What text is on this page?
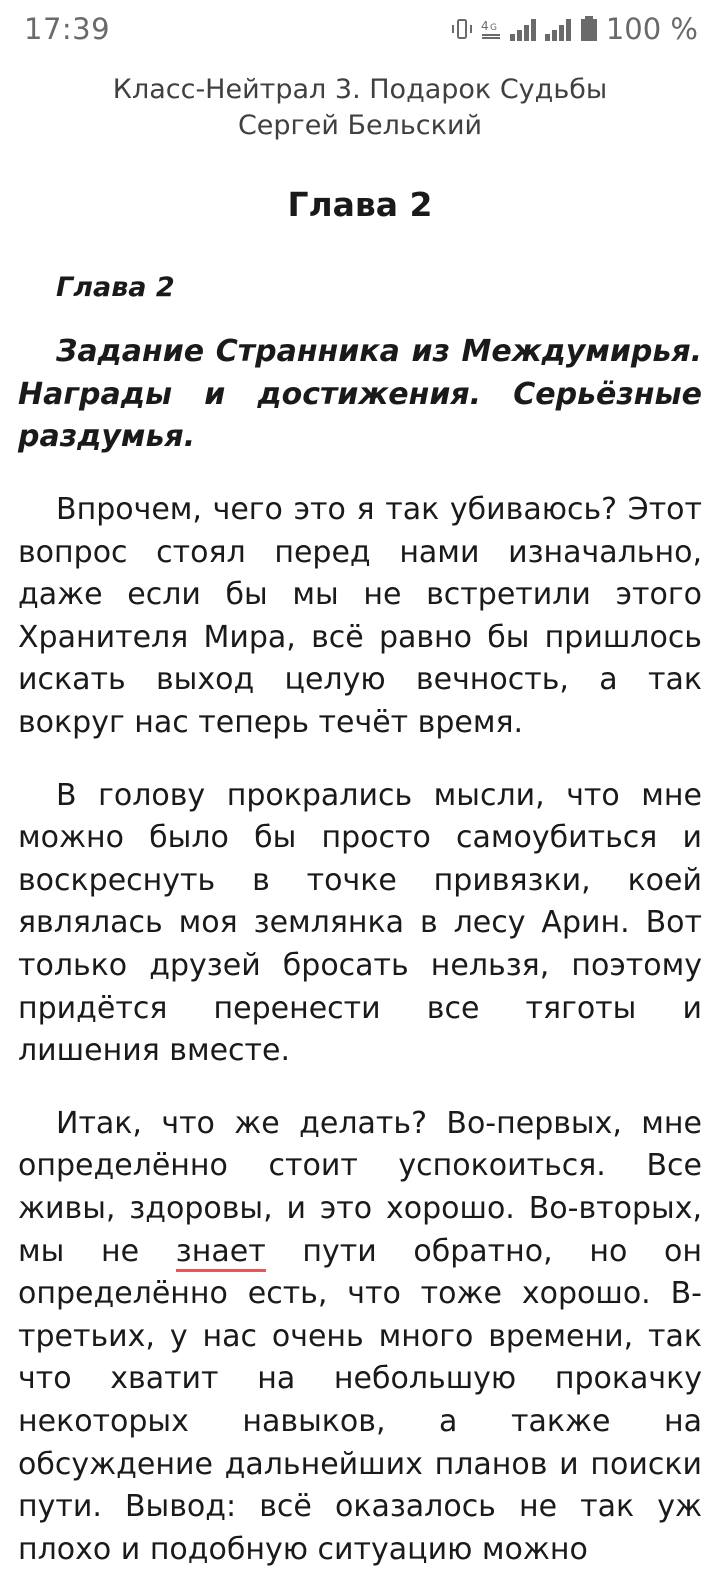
17:39	4 G	100 %
Класс-Нейтрал 3. Подарок Судьбы
Сергей Бельский
Глава 2
Глава 2
Задание Странника из Междумирья. Награды и достижения. Серьёзные раздумья.

Впрочем, чего это я так убиваюсь? Этот вопрос стоял перед нами изначально, даже если бы мы не встретили этого Хранителя Мира, всё равно бы пришлось искать выход целую вечность, а так вокруг нас теперь течёт время.

В голову прокрались мысли, что мне можно было бы просто самоубиться и воскреснуть в точке привязки, коей являлась моя землянка в лесу Арин. Вот только друзей бросать нельзя, поэтому придётся перенести все тяготы и лишения вместе.

Итак, что же делать? Во-первых, мне определённо стоит успокоиться. Все живы, здоровы, и это хорошо. Во-вторых, мы не знает пути обратно, но он определённо есть, что тоже хорошо. В-третьих, у нас очень много времени, так что хватит на небольшую прокачку некоторых навыков, а также на обсуждение дальнейших планов и поиски пути. Вывод: всё оказалось не так уж плохо и подобную ситуацию можно
